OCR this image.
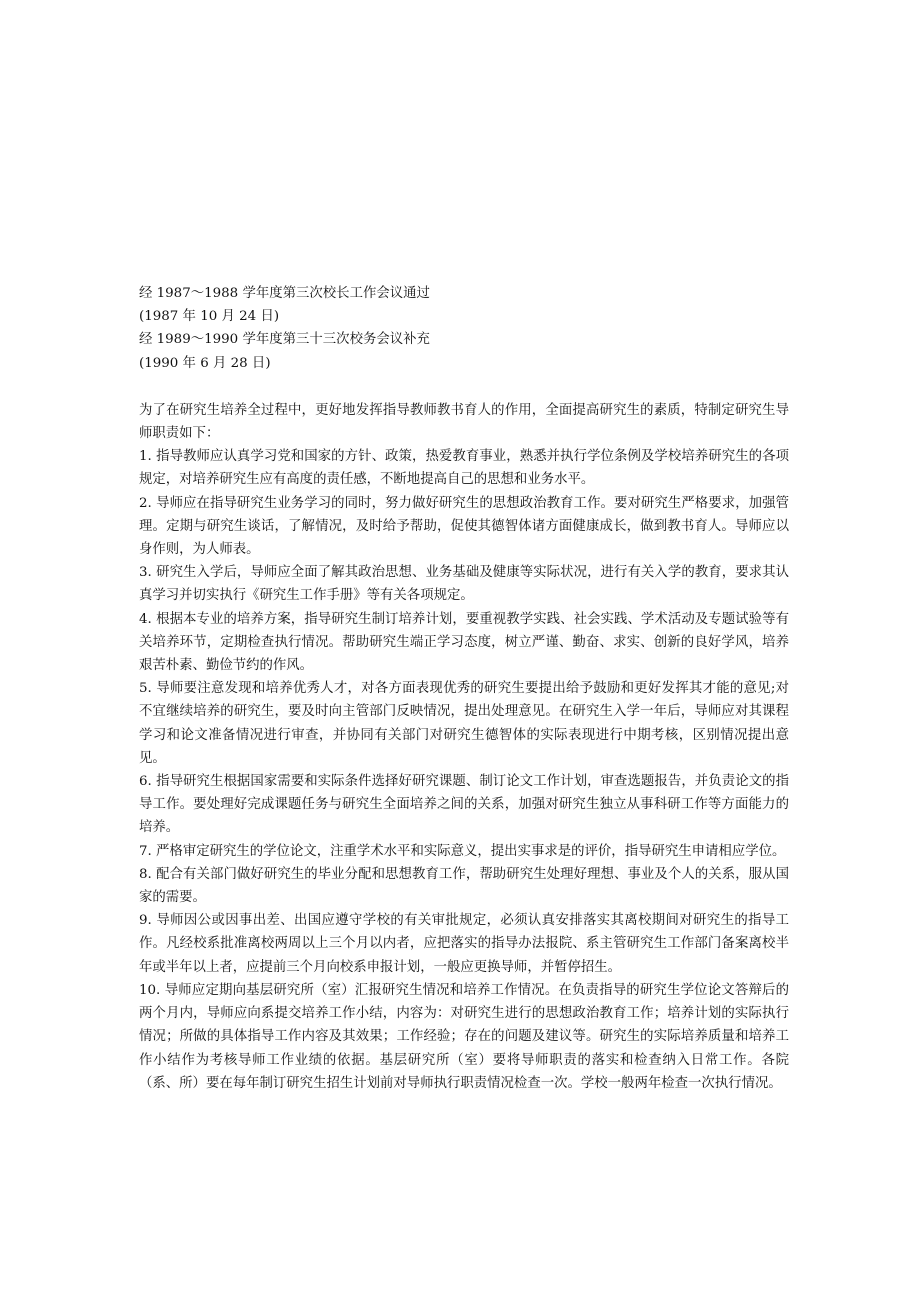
经 1987～1988 学年度第三次校长工作会议通过

(1987 年 10 月 24 日)

经 1989～1990 学年度第三十三次校务会议补充

(1990 年 6 月 28 日)

为了在研究生培养全过程中，更好地发挥指导教师教书育人的作用，全面提高研究生的素质，特制定研究生导师职责如下：

1. 指导教师应认真学习党和国家的方针、政策，热爱教育事业，熟悉并执行学位条例及学校培养研究生的各项规定，对培养研究生应有高度的责任感，不断地提高自己的思想和业务水平。

2. 导师应在指导研究生业务学习的同时，努力做好研究生的思想政治教育工作。要对研究生严格要求，加强管理。定期与研究生谈话，了解情况，及时给予帮助，促使其德智体诸方面健康成长，做到教书育人。导师应以身作则，为人师表。

3. 研究生入学后，导师应全面了解其政治思想、业务基础及健康等实际状况，进行有关入学的教育，要求其认真学习并切实执行《研究生工作手册》等有关各项规定。

4. 根据本专业的培养方案，指导研究生制订培养计划，要重视教学实践、社会实践、学术活动及专题试验等有关培养环节，定期检查执行情况。帮助研究生端正学习态度，树立严谨、勤奋、求实、创新的良好学风，培养艰苦朴素、勤俭节约的作风。

5. 导师要注意发现和培养优秀人才，对各方面表现优秀的研究生要提出给予鼓励和更好发挥其才能的意见;对不宜继续培养的研究生，要及时向主管部门反映情况，提出处理意见。在研究生入学一年后，导师应对其课程学习和论文准备情况进行审查，并协同有关部门对研究生德智体的实际表现进行中期考核，区别情况提出意见。

6. 指导研究生根据国家需要和实际条件选择好研究课题、制订论文工作计划，审查选题报告，并负责论文的指导工作。要处理好完成课题任务与研究生全面培养之间的关系，加强对研究生独立从事科研工作等方面能力的培养。

7. 严格审定研究生的学位论文，注重学术水平和实际意义，提出实事求是的评价，指导研究生申请相应学位。

8. 配合有关部门做好研究生的毕业分配和思想教育工作，帮助研究生处理好理想、事业及个人的关系，服从国家的需要。

9. 导师因公或因事出差、出国应遵守学校的有关审批规定，必须认真安排落实其离校期间对研究生的指导工作。凡经校系批准离校两周以上三个月以内者，应把落实的指导办法报院、系主管研究生工作部门备案离校半年或半年以上者，应提前三个月向校系申报计划，一般应更换导师，并暂停招生。

10. 导师应定期向基层研究所（室）汇报研究生情况和培养工作情况。在负责指导的研究生学位论文答辩后的两个月内，导师应向系提交培养工作小结，内容为：对研究生进行的思想政治教育工作；培养计划的实际执行情况；所做的具体指导工作内容及其效果；工作经验；存在的问题及建议等。研究生的实际培养质量和培养工作小结作为考核导师工作业绩的依据。基层研究所（室）要将导师职责的落实和检查纳入日常工作。各院（系、所）要在每年制订研究生招生计划前对导师执行职责情况检查一次。学校一般两年检查一次执行情况。
